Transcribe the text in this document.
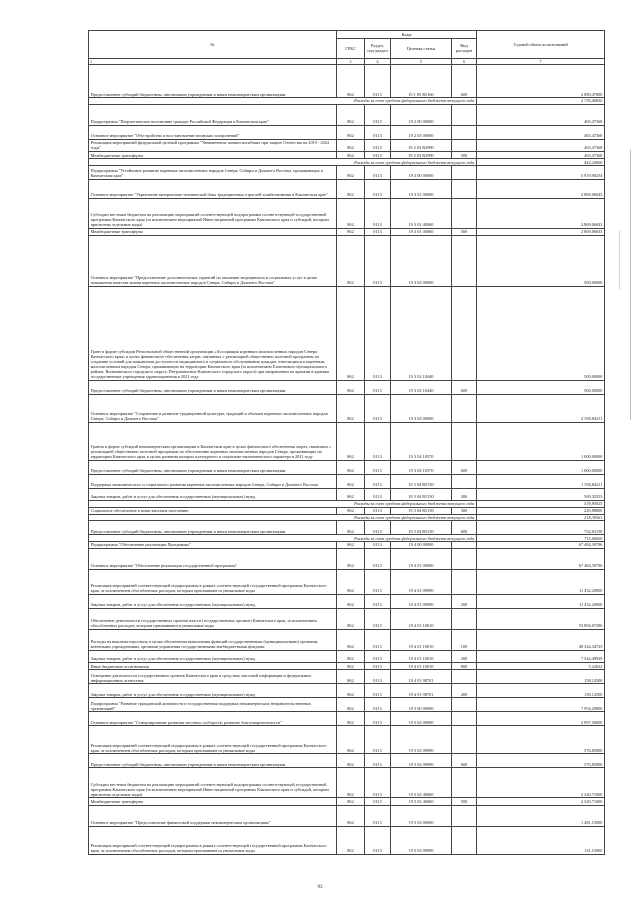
№	Коды				Годовой объем ассигнований
	ГРБС	Раздел, под-раздел	Целевая статья	Вид расходов	
1	3	4	5	6	7
Предоставление субсидий бюджетным, автономным учреждениям и иным некоммерческим организациям	862	0113	19 1 05 R5160	600	2 880,47000
Расходы за счет средств федерального бюджета текущего года					2 736,46850
Подпрограмма "Патриотическое воспитание граждан Российской Федерации в Камчатском крае"	862	0113	19 2 00 00000		465,47368
Основное мероприятие "Обустройство и восстановление воинских захоронений"	862	0113	19 2 03 00000		465,47368
Реализация мероприятий федеральной целевой программы "Увековечение памяти погибших при защите Отечества на 2019 - 2024 годы"	862	0113	19 2 03 R2990		465,47368
Межбюджетные трансферты	862	0113	19 2 03 R2990	500	465,47368
Расходы за счет средств федерального бюджета текущего года					442,20000
Подпрограмма "Устойчивое развитие коренных малочисленных народов Севера, Сибири и Дальнего Востока, проживающих в Камчатском крае"	862	0113	19 3 00 00000		5 919,90254
Основное мероприятие "Укрепление материально-технической базы традиционных отраслей хозяйствования в Камчатском крае"	862	0113	19 3 01 00000		2 869,06043
Субсидии местным бюджетам на реализацию мероприятий соответствующей подпрограммы соответствующей государственной программы Камчатского края (за исключением мероприятий Инвестиционной программы Камчатского края и субсидий, которым присвоены отдельные коды)	862	0113	19 3 01 40060		2 869,06043
Межбюджетные трансферты	862	0113	19 3 01 40060	500	2 869,06043
Основное мероприятие "Предоставление дополнительных гарантий по оказанию медицинских и социальных услуг в целях повышения качества жизни коренных малочисленных народов Севера, Сибири и Дальнего Востока"	862	0113	19 3 02 00000		500,00000
Грант в форме субсидии Региональной общественной организации «Ассоциация коренных малочисленных народов Севера Камчатского края» в целях финансового обеспечения затрат, связанных с реализацией общественно полезной программы по созданию условий для повышения доступности медицинского и социального обслуживания граждан, относящихся к коренным малочисленным народам Севера, проживающих на территории Камчатского края (за исключением Елизовского муниципального района, Вилючинского городского округа, Петропавловск-Камчатского городского округа) при направлении их врачами в краевые государственные учреждения здравоохранения в 2021 году	862	0113	19 3 02 10440		500,00000
Предоставление субсидий бюджетным, автономным учреждениям и иным некоммерческим организациям	862	0113	19 3 02 10440	600	500,00000
Основное мероприятие "Сохранение и развитие традиционной культуры, традиций и обычаев коренных малочисленных народов Севера, Сибири и Дальнего Востока"	862	0113	19 3 04 00000		2 550,84211
Гранты в форме субсидий некоммерческим организациям в Камчатском крае в целях финансового обеспечения затрат, связанных с реализацией общественно полезной программы по обеспечению коренных малочисленных народов Севера, проживающих на территории Камчатского края, в целях развития которых культурного и социально-экономического характера в 2021 году	862	0113	19 3 04 10570		1 000,00000
Предоставление субсидий бюджетным, автономным учреждениям и иным некоммерческим организациям	862	0113	19 3 04 10570	600	1 000,00000
Поддержка экономического и социального развития коренных малочисленных народов Севера, Сибири и Дальнего Востока	862	0113	19 3 04 R5150		1 550,84211
Закупка товаров, работ и услуг для обеспечения государственных (муниципальных) нужд	862	0113	19 3 04 R5150	200	569,32553
Расходы за счет средств федерального бюджета текущего года					539,85925
Социальное обеспечение и иные выплаты населению	862	0113	19 3 04 R5150	300	229,88800
Расходы за счет средств федерального бюджета текущего года					218,39361
Предоставление субсидий бюджетным, автономным учреждениям и иным некоммерческим организациям	862	0113	19 3 04 R5150	600	752,63158
Расходы за счет средств федерального бюджета текущего года					715,00000
Подпрограмма "Обеспечение реализации Программы"	862	0113	19 4 00 00000		67 484,39796
Основное мероприятие "Обеспечение реализации государственной программы"	862	0113	19 4 01 00000		67 484,39796
Реализация мероприятий соответствующей подпрограммы в рамках соответствующей государственной программы Камчатского края, за исключением обособленных расходов, которым присваиваются уникальные коды	862	0113	19 4 01 09990		11 432,20000
Закупка товаров, работ и услуг для обеспечения государственных (муниципальных) нужд	862	0113	19 4 01 09990	200	11 432,20000
Обеспечение деятельности государственных органов власти (государственных органов) Камчатского края, за исключением обособленных расходов, которым присваиваются уникальные коды	862	0113	19 4 01 10010		55 894,07296
Расходы на выплаты персоналу в целях обеспечения выполнения функций государственными (муниципальными) органами, казенными учреждениями, органами управления государственными внебюджетными фондами	862	0113	19 4 01 10010	100	48 344,34725
Закупка товаров, работ и услуг для обеспечения государственных (муниципальных) нужд	862	0113	19 4 01 10010	200	7 544,49939
Иные бюджетные ассигнования	862	0113	19 4 01 10010	800	5,22632
Освещение деятельности государственных органов Камчатского края в средствах массовой информации и федеральных информационных агентствах	862	0113	19 4 01 98701		158,12500
Закупка товаров, работ и услуг для обеспечения государственных (муниципальных) нужд	862	0113	19 4 01 98701	200	158,12500
Подпрограмма "Развитие гражданской активности и государственная поддержка некоммерческих неправительственных организаций"	862	0113	19 5 00 00000		7 954,29000
Основное мероприятие "Стимулирование развития местных сообществ, развитие благотворительности"	862	0113	19 5 02 00000		2 897,56000
Реализация мероприятий соответствующей подпрограммы в рамках соответствующей государственной программы Камчатского края, за исключением обособленных расходов, которым присваиваются уникальные коды	862	0113	19 5 02 09990		576,85000
Предоставление субсидий бюджетным, автономным учреждениям и иным некоммерческим организациям	862	0113	19 5 02 09990	600	576,85000
Субсидии местным бюджетам на реализацию мероприятий соответствующей подпрограммы соответствующей государственной программы Камчатского края (за исключением мероприятий Инвестиционной программы Камчатского края и субсидий, которым присвоены отдельные коды)	862	0113	19 5 02 40060		2 320,71000
Межбюджетные трансферты	862	0113	19 5 02 40060	500	2 320,71000
Основное мероприятие "Предоставление финансовой поддержки некоммерческим организациям"	862	0113	19 5 03 00000		1 481,15000
Реализация мероприятий соответствующей подпрограммы в рамках соответствующей государственной программы Камчатского края, за исключением обособленных расходов, которым присваиваются уникальные коды	862	0113	19 5 03 09990		131,15000
93
